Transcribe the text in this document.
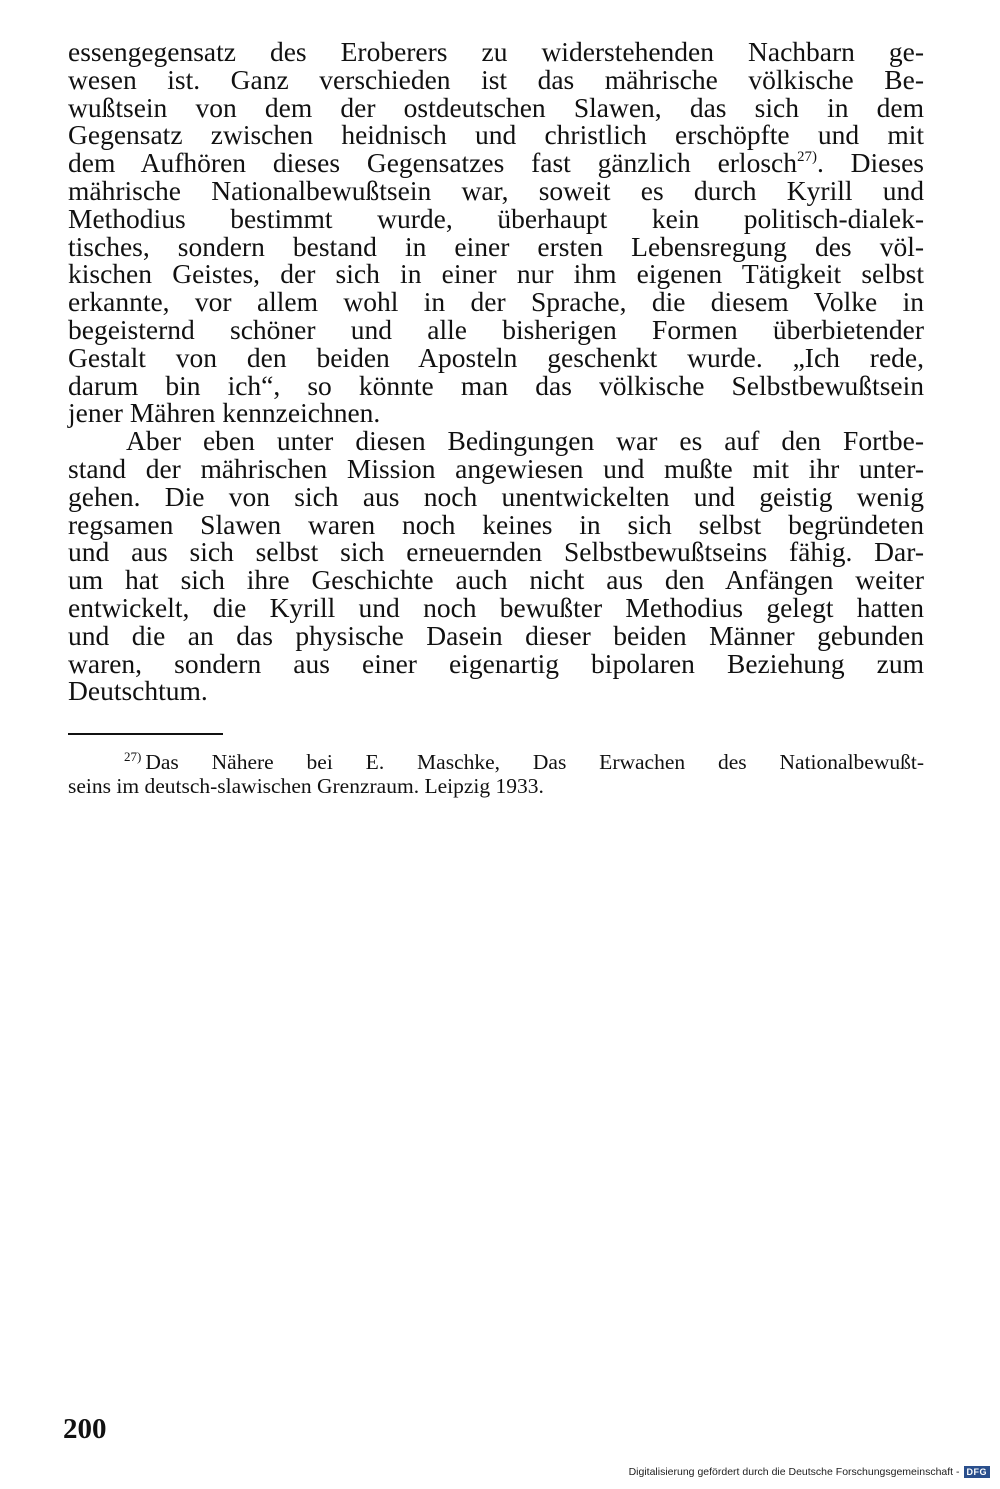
essengegensatz des Eroberers zu widerstehenden Nachbarn ge-
wesen ist. Ganz verschieden ist das mährische völkische Be-
wußtsein von dem der ostdeutschen Slawen, das sich in dem
Gegensatz zwischen heidnisch und christlich erschöpfte und mit
dem Aufhören dieses Gegensatzes fast gänzlich erlosch$^{27)}$. Dieses
mährische Nationalbewußtsein war, soweit es durch Kyrill und
Methodius bestimmt wurde, überhaupt kein politisch-dialek-
tisches, sondern bestand in einer ersten Lebensregung des völ-
kischen Geistes, der sich in einer nur ihm eigenen Tätigkeit selbst
erkannte, vor allem wohl in der Sprache, die diesem Volke in
begeisternd schöner und alle bisherigen Formen überbietender
Gestalt von den beiden Aposteln geschenkt wurde. „Ich rede,
darum bin ich“, so könnte man das völkische Selbstbewußtsein
jener Mähren kennzeichnen.
Aber eben unter diesen Bedingungen war es auf den Fortbe-
stand der mährischen Mission angewiesen und mußte mit ihr unter-
gehen. Die von sich aus noch unentwickelten und geistig wenig
regsamen Slawen waren noch keines in sich selbst begründeten
und aus sich selbst sich erneuernden Selbstbewußtseins fähig. Dar-
um hat sich ihre Geschichte auch nicht aus den Anfängen weiter
entwickelt, die Kyrill und noch bewußter Methodius gelegt hatten
und die an das physische Dasein dieser beiden Männer gebunden
waren, sondern aus einer eigenartig bipolaren Beziehung zum
Deutschtum.
$^{27)}$ Das Nähere bei E. Maschke, Das Erwachen des Nationalbewußt-
seins im deutsch-slawischen Grenzraum. Leipzig 1933.
200
Digitalisierung gefördert durch die Deutsche Forschungsgemeinschaft - DFG
